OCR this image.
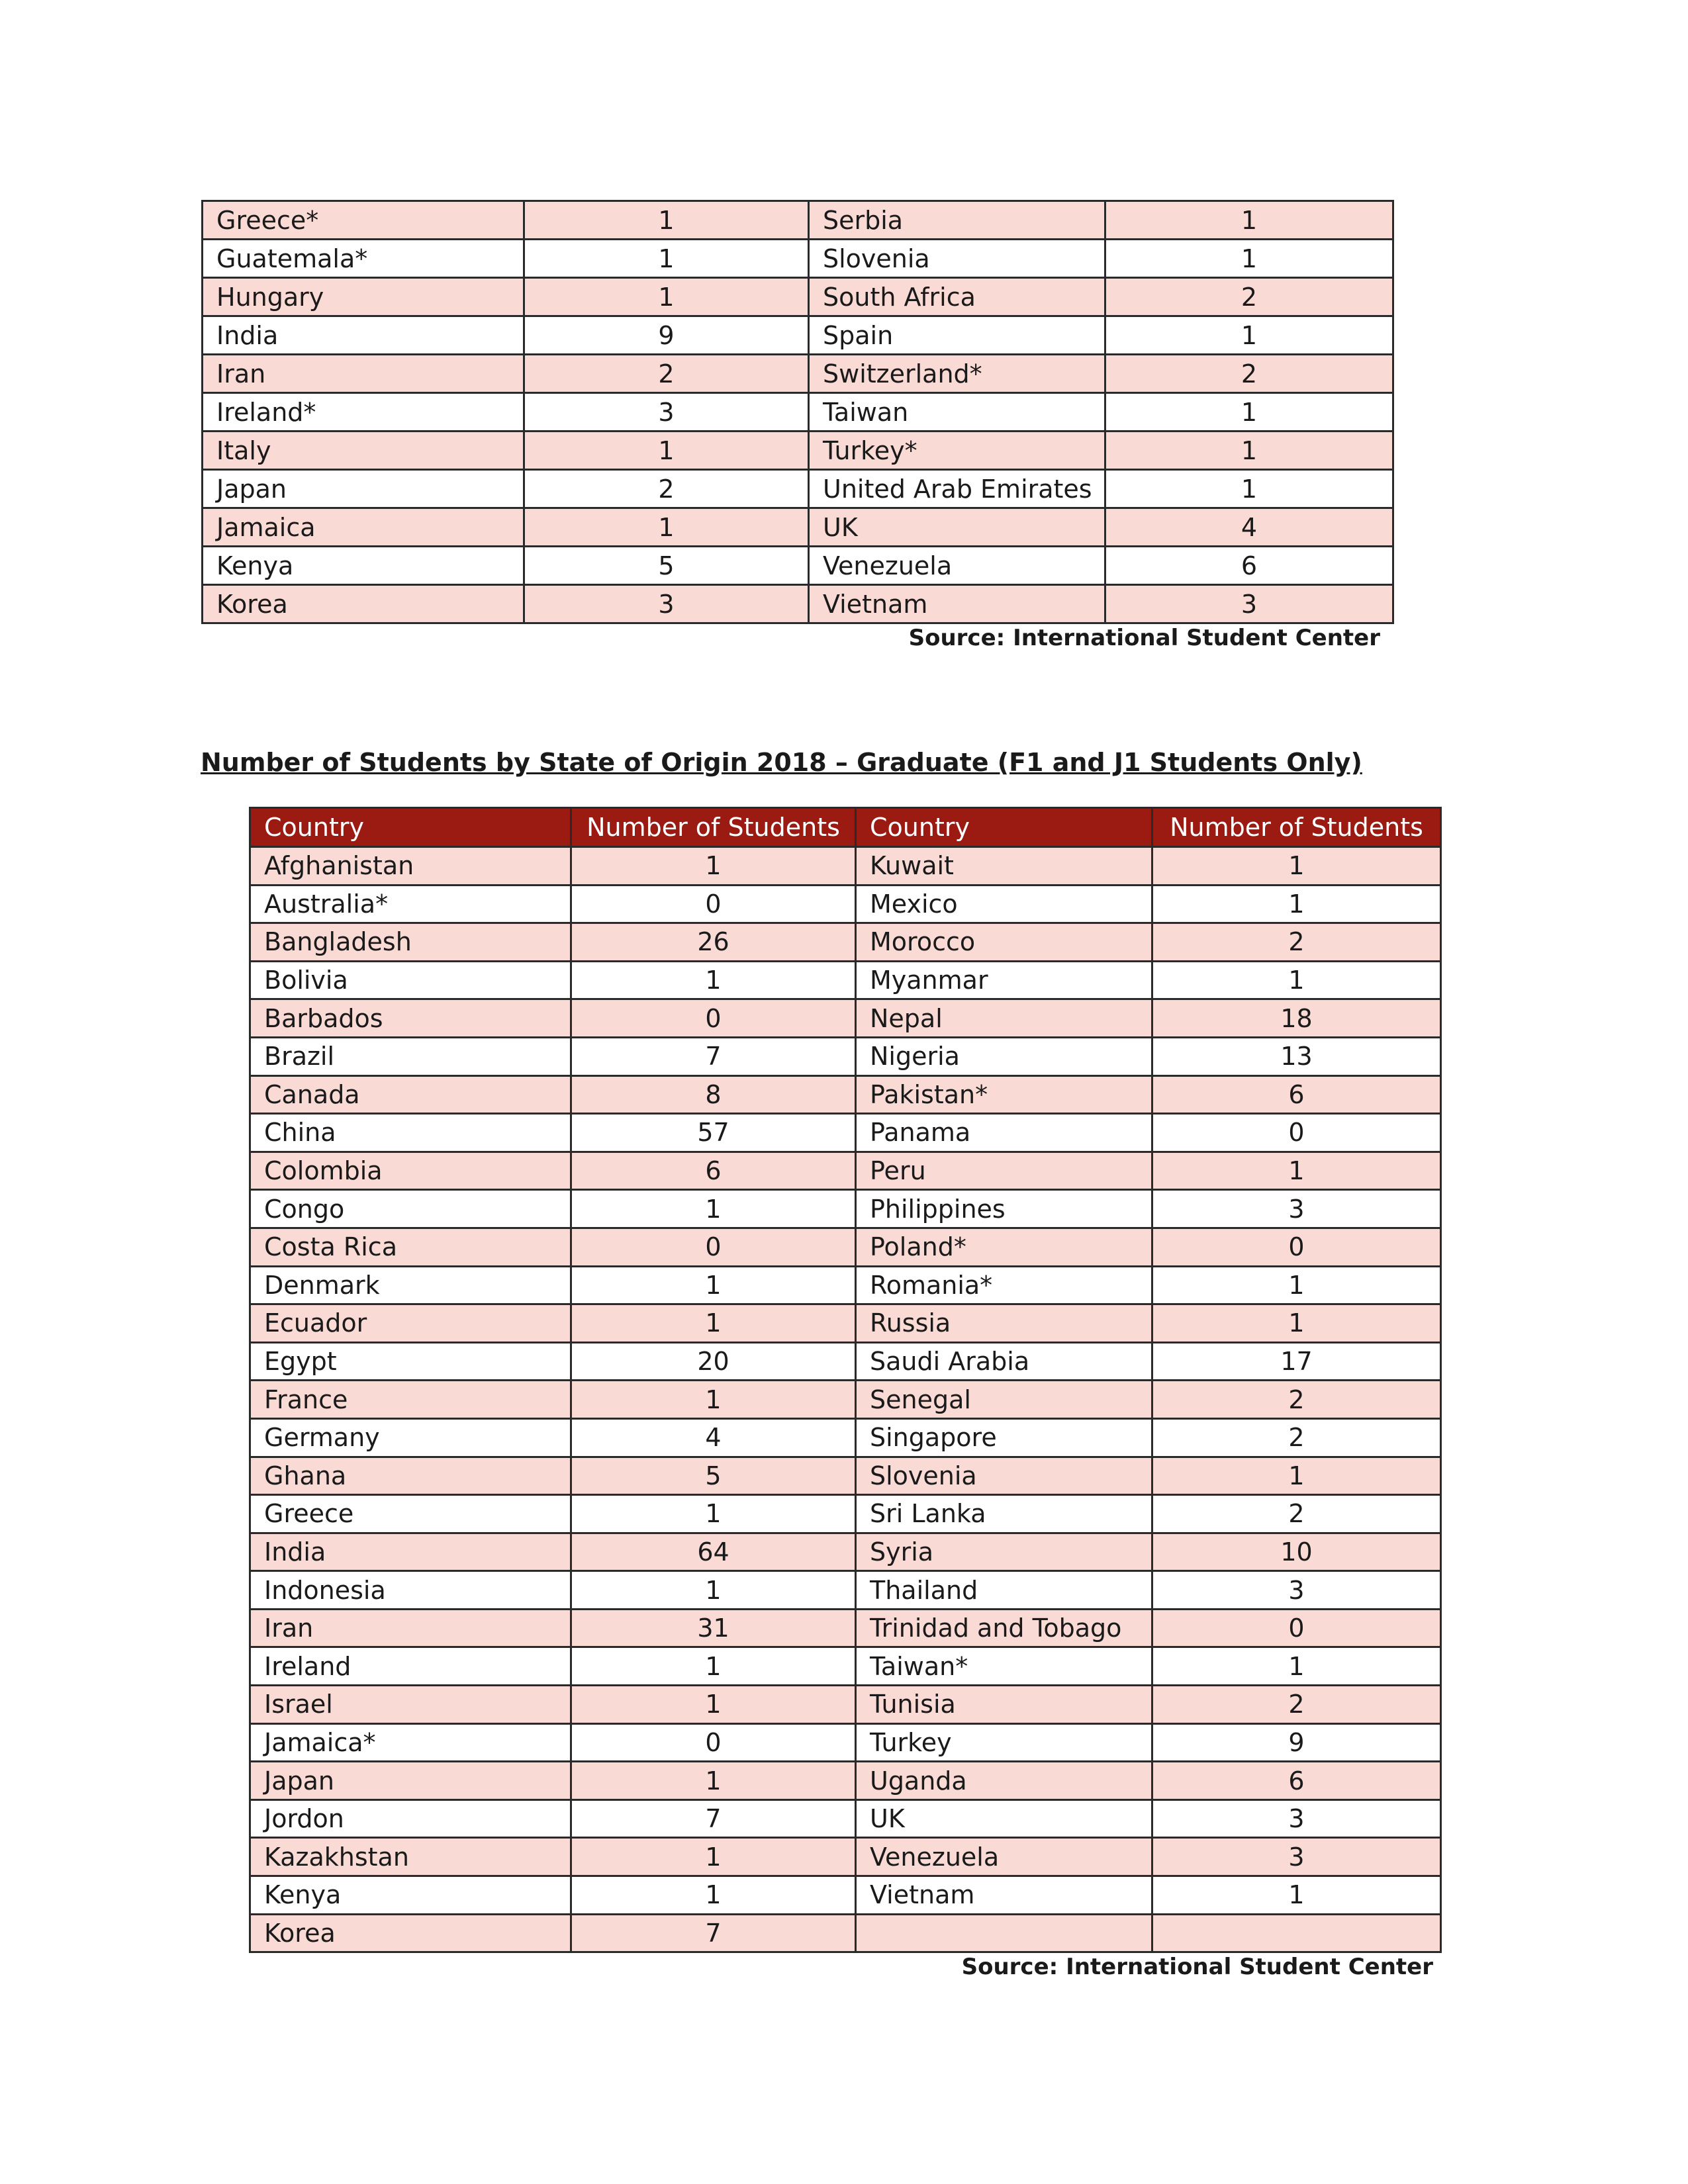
Greece*	1	Serbia	1
Guatemala*	1	Slovenia	1
Hungary	1	South Africa	2
India	9	Spain	1
Iran	2	Switzerland*	2
Ireland*	3	Taiwan	1
Italy	1	Turkey*	1
Japan	2	United Arab Emirates	1
Jamaica	1	UK	4
Kenya	5	Venezuela	6
Korea	3	Vietnam	3
Source: International Student Center
Number of Students by State of Origin 2018 – Graduate (F1 and J1 Students Only)
Country	Number of Students	Country	Number of Students
Afghanistan	1	Kuwait	1
Australia*	0	Mexico	1
Bangladesh	26	Morocco	2
Bolivia	1	Myanmar	1
Barbados	0	Nepal	18
Brazil	7	Nigeria	13
Canada	8	Pakistan*	6
China	57	Panama	0
Colombia	6	Peru	1
Congo	1	Philippines	3
Costa Rica	0	Poland*	0
Denmark	1	Romania*	1
Ecuador	1	Russia	1
Egypt	20	Saudi Arabia	17
France	1	Senegal	2
Germany	4	Singapore	2
Ghana	5	Slovenia	1
Greece	1	Sri Lanka	2
India	64	Syria	10
Indonesia	1	Thailand	3
Iran	31	Trinidad and Tobago	0
Ireland	1	Taiwan*	1
Israel	1	Tunisia	2
Jamaica*	0	Turkey	9
Japan	1	Uganda	6
Jordon	7	UK	3
Kazakhstan	1	Venezuela	3
Kenya	1	Vietnam	1
Korea	7		
Source: International Student Center
